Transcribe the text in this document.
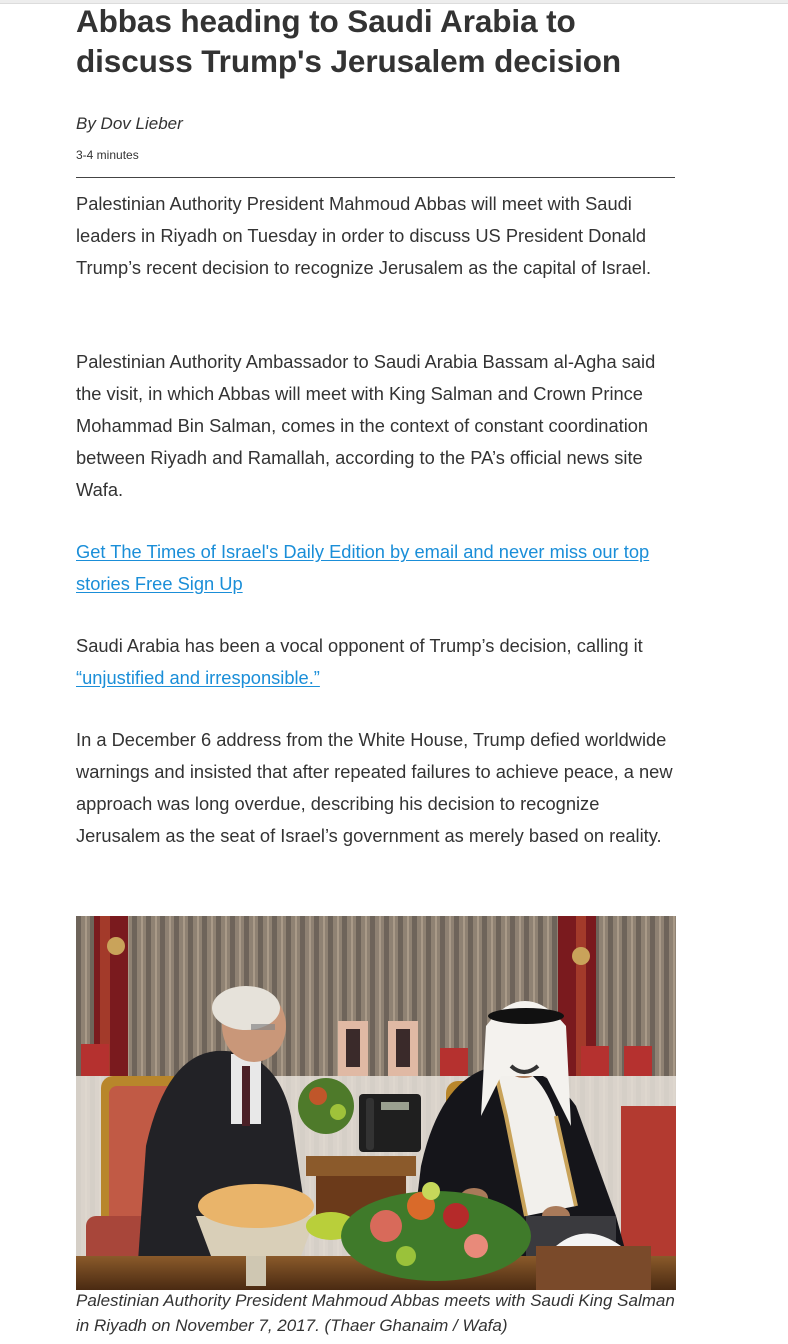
Abbas heading to Saudi Arabia to discuss Trump's Jerusalem decision
By Dov Lieber
3-4 minutes

Palestinian Authority President Mahmoud Abbas will meet with Saudi leaders in Riyadh on Tuesday in order to discuss US President Donald Trump’s recent decision to recognize Jerusalem as the capital of Israel.

Palestinian Authority Ambassador to Saudi Arabia Bassam al-Agha said the visit, in which Abbas will meet with King Salman and Crown Prince Mohammad Bin Salman, comes in the context of constant coordination between Riyadh and Ramallah, according to the PA’s official news site Wafa.

Get The Times of Israel's Daily Edition by email and never miss our top stories Free Sign Up

Saudi Arabia has been a vocal opponent of Trump’s decision, calling it “unjustified and irresponsible.”

In a December 6 address from the White House, Trump defied worldwide warnings and insisted that after repeated failures to achieve peace, a new approach was long overdue, describing his decision to recognize Jerusalem as the seat of Israel’s government as merely based on reality.

Palestinian Authority President Mahmoud Abbas meets with Saudi King Salman in Riyadh on November 7, 2017. (Thaer Ghanaim / Wafa)
